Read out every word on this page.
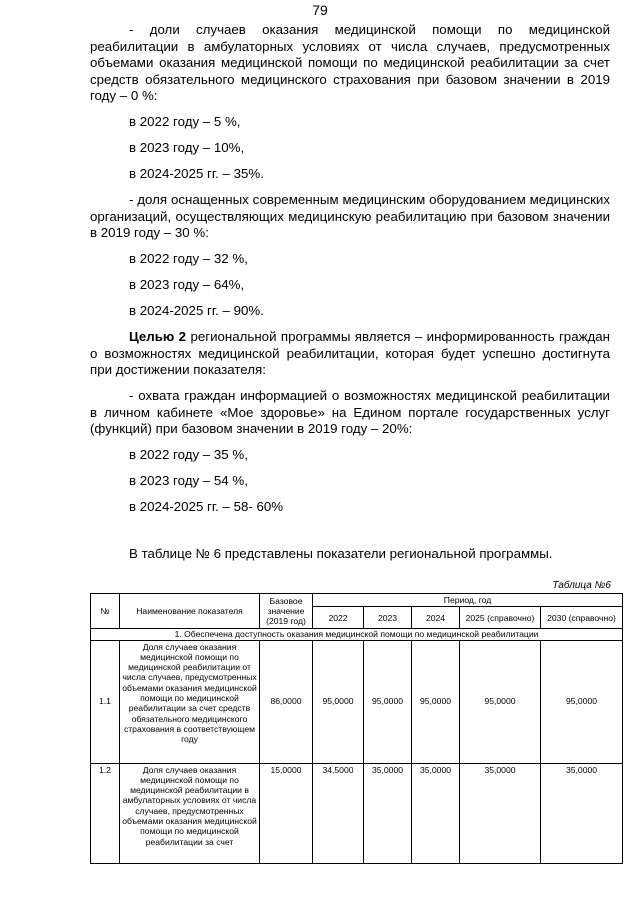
79

- доли случаев оказания медицинской помощи по медицинской реабилитации в амбулаторных условиях от числа случаев, предусмотренных объемами оказания медицинской помощи по медицинской реабилитации за счет средств обязательного медицинского страхования при базовом значении в 2019 году – 0 %:

в 2022 году – 5 %,

в 2023 году – 10%,

в 2024-2025 гг. – 35%.

- доля оснащенных современным медицинским оборудованием медицинских организаций, осуществляющих медицинскую реабилитацию при базовом значении в 2019 году – 30 %:

в 2022 году – 32 %,

в 2023 году – 64%,

в 2024-2025 гг. – 90%.

Целью 2 региональной программы является – информированность граждан о возможностях медицинской реабилитации, которая будет успешно достигнута при достижении показателя:

- охвата граждан информацией о возможностях медицинской реабилитации в личном кабинете «Мое здоровье» на Едином портале государственных услуг (функций) при базовом значении в 2019 году – 20%:

в 2022 году – 35 %,

в 2023 году – 54 %,

в 2024-2025 гг. – 58- 60%

В таблице № 6 представлены показатели региональной программы.

Таблица №6
№	Наименование показателя	Базовое значение (2019 год)	Период, год				
			2022	2023	2024	2025 (справочно)	2030 (справочно)
1. Обеспечена доступность оказания медицинской помощи по медицинской реабилитации							
1.1	Доля случаев оказания медицинской помощи по медицинской реабилитации от числа случаев, предусмотренных объемами оказания медицинской помощи по медицинской реабилитации за счет средств обязательного медицинского страхования в соответствующем году	86,0000	95,0000	95,0000	95,0000	95,0000	95,0000
1.2	Доля случаев оказания медицинской помощи по медицинской реабилитации в амбулаторных условиях от числа случаев, предусмотренных объемами оказания медицинской помощи по медицинской реабилитации за счет	15,0000	34,5000	35,0000	35,0000	35,0000	35,0000
